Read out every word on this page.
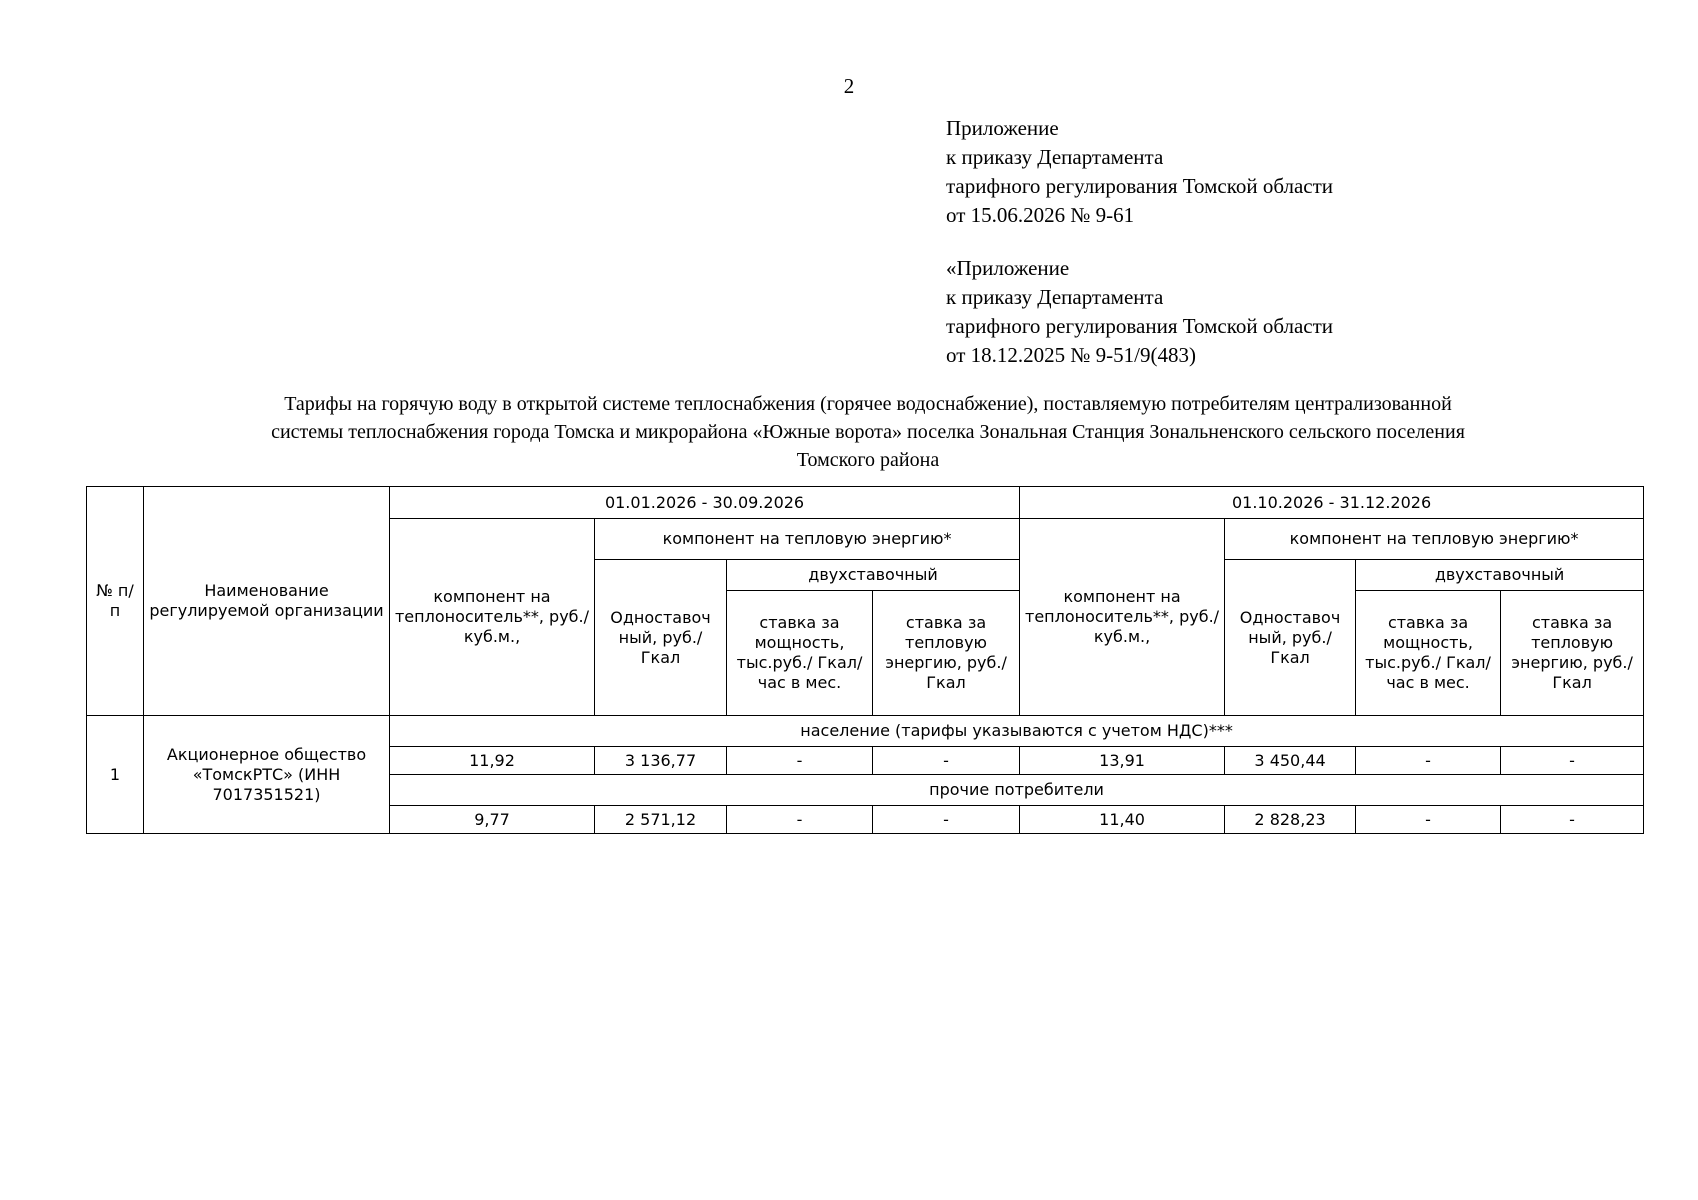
2
Приложение
к приказу Департамента
тарифного регулирования Томской области
от 15.06.2026 № 9-61
«Приложение
к приказу Департамента
тарифного регулирования Томской области
от 18.12.2025 № 9-51/9(483)
Тарифы на горячую воду в открытой системе теплоснабжения (горячее водоснабжение), поставляемую потребителям централизованной
системы теплоснабжения города Томска и микрорайона «Южные ворота» поселка Зональная Станция Зональненского сельского поселения
Томского района
№ п/п	Наименование регулируемой организации	01.01.2026 - 30.09.2026				01.10.2026 - 31.12.2026			
		компонент на теплоноситель**, руб./куб.м.,	компонент на тепловую энергию*			компонент на теплоноситель**, руб./куб.м.,	компонент на тепловую энергию*		
			Одноставоч ный, руб./Гкал	двухставочный			Одноставоч ный, руб./Гкал	двухставочный	
				ставка за мощность, тыс.руб./ Гкал/час в мес.	ставка за тепловую энергию, руб./Гкал			ставка за мощность, тыс.руб./ Гкал/час в мес.	ставка за тепловую энергию, руб./Гкал
1	Акционерное общество «ТомскРТС» (ИНН 7017351521)	население (тарифы указываются с учетом НДС)***							
		11,92	3 136,77	-	-	13,91	3 450,44	-	-
		прочие потребители							
		9,77	2 571,12	-	-	11,40	2 828,23	-	-
